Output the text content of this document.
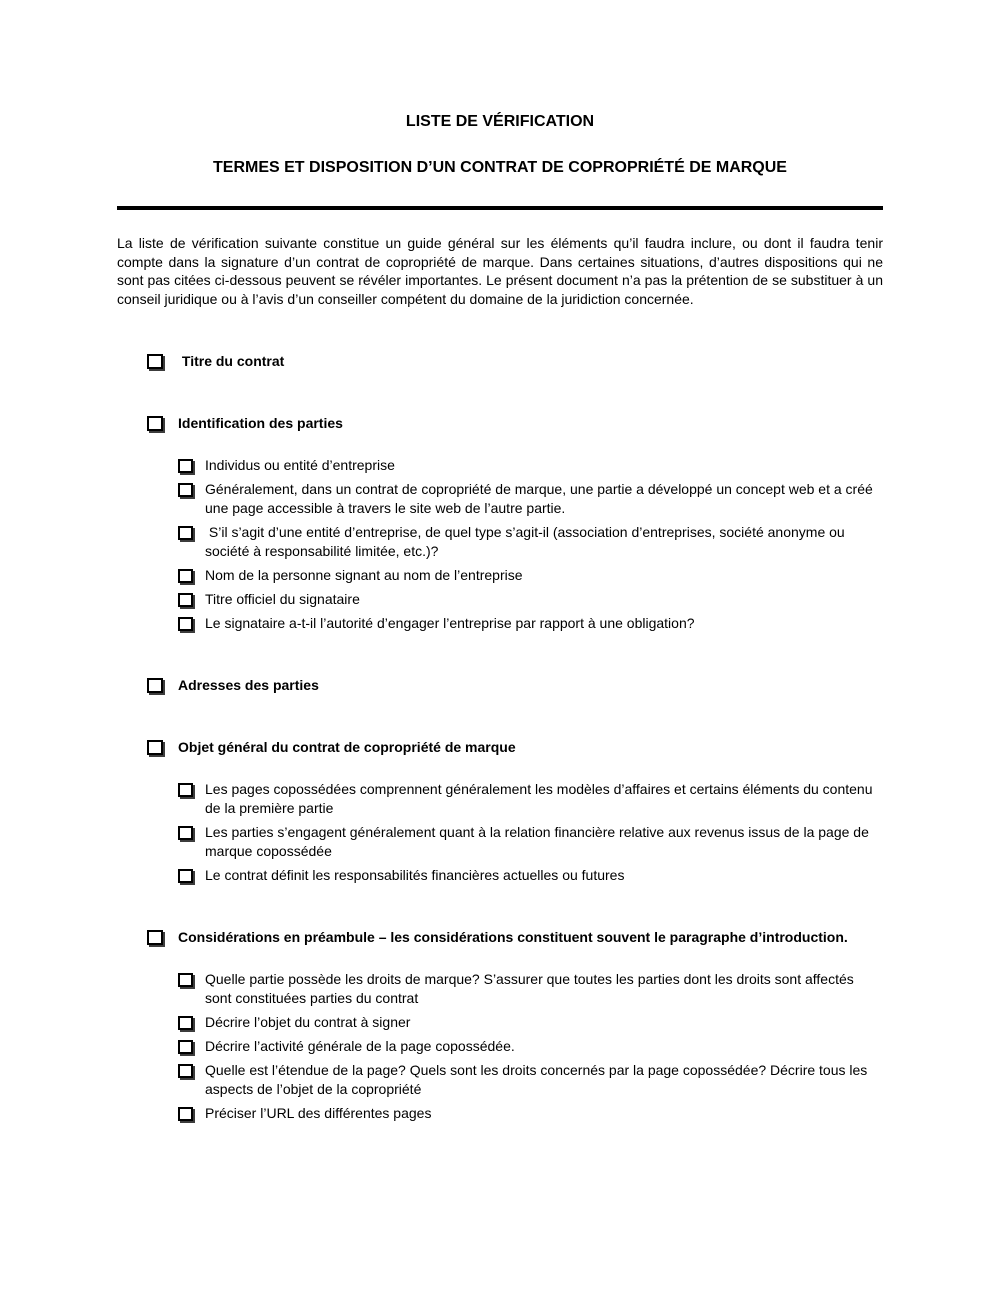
LISTE DE VÉRIFICATION
TERMES ET DISPOSITION D’UN CONTRAT DE COPROPRIÉTÉ DE MARQUE

La liste de vérification suivante constitue un guide général sur les éléments qu’il faudra inclure, ou dont il faudra tenir compte dans la signature d’un contrat de copropriété de marque. Dans certaines situations, d’autres dispositions qui ne sont pas citées ci-dessous peuvent se révéler importantes. Le présent document n’a pas la prétention de se substituer à un conseil juridique ou à l’avis d’un conseiller compétent du domaine de la juridiction concernée.

Titre du contrat
Identification des parties
Individus ou entité d’entreprise
Généralement, dans un contrat de copropriété de marque, une partie a développé un concept web et a créé une page accessible à travers le site web de l’autre partie.
S’il s’agit d’une entité d’entreprise, de quel type s’agit-il (association d’entreprises, société anonyme ou société à responsabilité limitée, etc.)?
Nom de la personne signant au nom de l’entreprise
Titre officiel du signataire
Le signataire a-t-il l’autorité d’engager l’entreprise par rapport à une obligation?
Adresses des parties
Objet général du contrat de copropriété de marque
Les pages copossédées comprennent généralement les modèles d’affaires et certains éléments du contenu de la première partie
Les parties s’engagent généralement quant à la relation financière relative aux revenus issus de la page de marque copossédée
Le contrat définit les responsabilités financières actuelles ou futures
Considérations en préambule – les considérations constituent souvent le paragraphe d’introduction.
Quelle partie possède les droits de marque? S’assurer que toutes les parties dont les droits sont affectés sont constituées parties du contrat
Décrire l’objet du contrat à signer
Décrire l’activité générale de la page copossédée.
Quelle est l’étendue de la page? Quels sont les droits concernés par la page copossédée? Décrire tous les aspects de l’objet de la copropriété
Préciser l’URL des différentes pages
